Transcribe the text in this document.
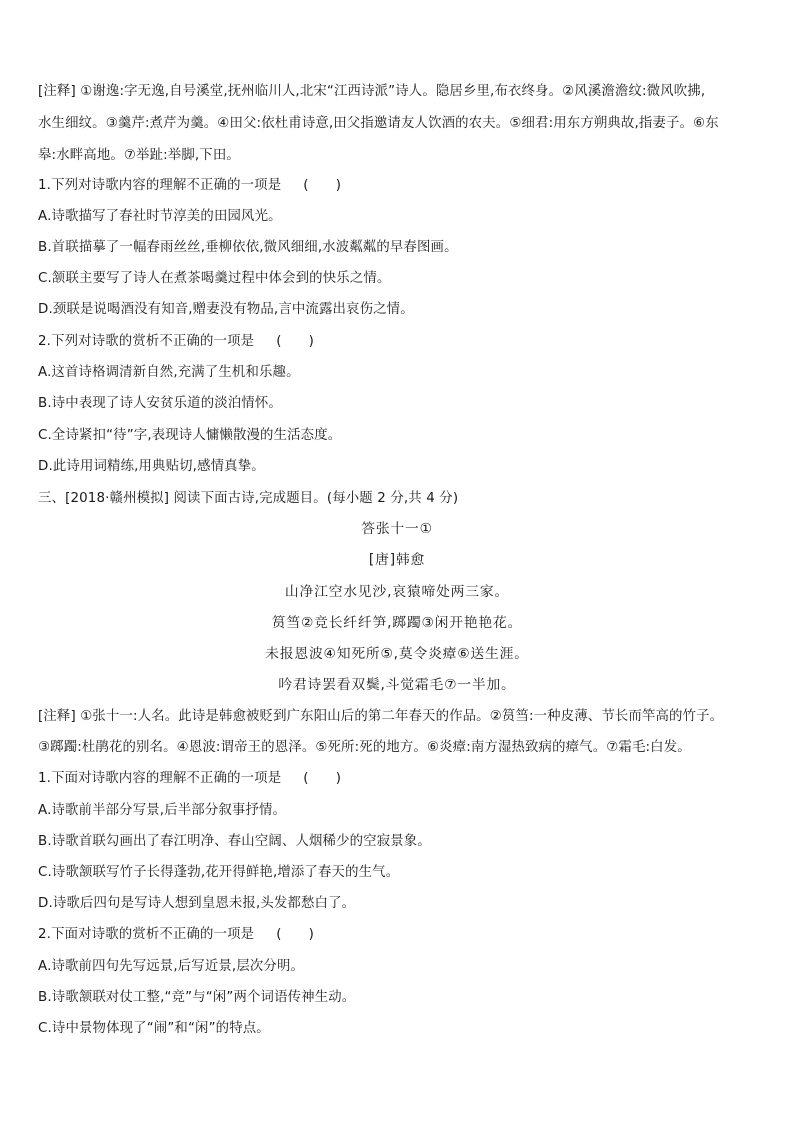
[注释] ①谢逸:字无逸,自号溪堂,抚州临川人,北宋“江西诗派”诗人。隐居乡里,布衣终身。②风溪澹澹纹:微风吹拂,
水生细纹。③羹芹:煮芹为羹。④田父:依杜甫诗意,田父指邀请友人饮酒的农夫。⑤细君:用东方朔典故,指妻子。⑥东
皋:水畔高地。⑦举趾:举脚,下田。
1.下列对诗歌内容的理解不正确的一项是 (　　)
A.诗歌描写了春社时节淳美的田园风光。
B.首联描摹了一幅春雨丝丝,垂柳依依,微风细细,水波粼粼的早春图画。
C.颔联主要写了诗人在煮茶喝羹过程中体会到的快乐之情。
D.颈联是说喝酒没有知音,赠妻没有物品,言中流露出哀伤之情。
2.下列对诗歌的赏析不正确的一项是 (　　)
A.这首诗格调清新自然,充满了生机和乐趣。
B.诗中表现了诗人安贫乐道的淡泊情怀。
C.全诗紧扣“待”字,表现诗人慵懒散漫的生活态度。
D.此诗用词精练,用典贴切,感情真挚。
三、[2018·赣州模拟] 阅读下面古诗,完成题目。(每小题 2 分,共 4 分)
答张十一①
[唐]韩愈
山净江空水见沙,哀猿啼处两三家。
筼筜②竞长纤纤笋,踯躅③闲开艳艳花。
未报恩波④知死所⑤,莫令炎瘴⑥送生涯。
吟君诗罢看双鬓,斗觉霜毛⑦一半加。
[注释] ①张十一:人名。此诗是韩愈被贬到广东阳山后的第二年春天的作品。②筼筜:一种皮薄、节长而竿高的竹子。
③踯躅:杜鹃花的别名。④恩波:谓帝王的恩泽。⑤死所:死的地方。⑥炎瘴:南方湿热致病的瘴气。⑦霜毛:白发。
1.下面对诗歌内容的理解不正确的一项是 (　　)
A.诗歌前半部分写景,后半部分叙事抒情。
B.诗歌首联勾画出了春江明净、春山空阔、人烟稀少的空寂景象。
C.诗歌颔联写竹子长得蓬勃,花开得鲜艳,增添了春天的生气。
D.诗歌后四句是写诗人想到皇恩未报,头发都愁白了。
2.下面对诗歌的赏析不正确的一项是 (　　)
A.诗歌前四句先写远景,后写近景,层次分明。
B.诗歌颔联对仗工整,“竞”与“闲”两个词语传神生动。
C.诗中景物体现了“闹”和“闲”的特点。
